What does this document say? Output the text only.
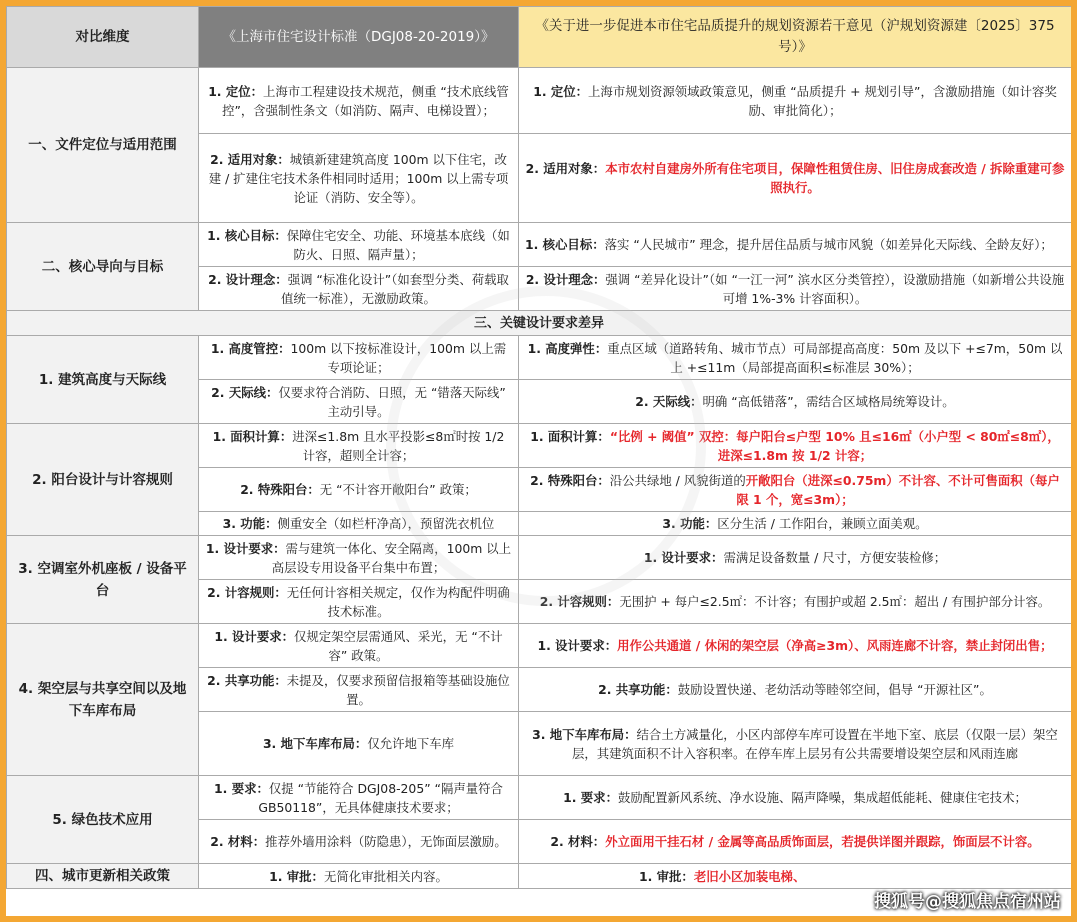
对比维度	《上海市住宅设计标准（DGJ08-20-2019）》	《关于进一步促进本市住宅品质提升的规划资源若干意见（沪规划资源建〔2025〕375号）》
一、文件定位与适用范围	1. 定位：上海市工程建设技术规范，侧重 “技术底线管控”，含强制性条文（如消防、隔声、电梯设置）；	1. 定位：上海市规划资源领域政策意见，侧重 “品质提升 + 规划引导”，含激励措施（如计容奖励、审批简化）；
	2. 适用对象：城镇新建建筑高度 100m 以下住宅，改建 / 扩建住宅技术条件相同时适用；100m 以上需专项论证（消防、安全等）。	2. 适用对象：本市农村自建房外所有住宅项目，保障性租赁住房、旧住房成套改造 / 拆除重建可参照执行。
二、核心导向与目标	1. 核心目标：保障住宅安全、功能、环境基本底线（如防火、日照、隔声量）；	1. 核心目标：落实 “人民城市” 理念，提升居住品质与城市风貌（如差异化天际线、全龄友好）；
	2. 设计理念：强调 “标准化设计”（如套型分类、荷载取值统一标准），无激励政策。	2. 设计理念：强调 “差异化设计”（如 “一江一河” 滨水区分类管控），设激励措施（如新增公共设施可增 1%-3% 计容面积）。
三、关键设计要求差异		
1. 建筑高度与天际线	1. 高度管控：100m 以下按标准设计，100m 以上需专项论证；	1. 高度弹性：重点区域（道路转角、城市节点）可局部提高高度：50m 及以下 +≤7m，50m 以上 +≤11m（局部提高面积≤标准层 30%）；
	2. 天际线：仅要求符合消防、日照，无 “错落天际线” 主动引导。	2. 天际线：明确 “高低错落”，需结合区域格局统筹设计。
2. 阳台设计与计容规则	1. 面积计算：进深≤1.8m 且水平投影≤8㎡时按 1/2 计容，超则全计容；	1. 面积计算：“比例 + 阈值” 双控：每户阳台≤户型 10% 且≤16㎡（小户型 < 80㎡≤8㎡），进深≤1.8m 按 1/2 计容；
	2. 特殊阳台：无 “不计容开敞阳台” 政策；	2. 特殊阳台：沿公共绿地 / 风貌街道的开敞阳台（进深≤0.75m）不计容、不计可售面积（每户限 1 个，宽≤3m）；
	3. 功能：侧重安全（如栏杆净高），预留洗衣机位	3. 功能：区分生活 / 工作阳台，兼顾立面美观。
3. 空调室外机座板 / 设备平台	1. 设计要求：需与建筑一体化、安全隔离，100m 以上高层设专用设备平台集中布置；	1. 设计要求：需满足设备数量 / 尺寸，方便安装检修；
	2. 计容规则：无任何计容相关规定，仅作为构配件明确技术标准。	2. 计容规则：无围护 + 每户≤2.5㎡：不计容；有围护或超 2.5㎡：超出 / 有围护部分计容。
4. 架空层与共享空间以及地下车库布局	1. 设计要求：仅规定架空层需通风、采光，无 “不计容” 政策。	1. 设计要求：用作公共通道 / 休闲的架空层（净高≥3m）、风雨连廊不计容，禁止封闭出售；
	2. 共享功能：未提及，仅要求预留信报箱等基础设施位置。	2. 共享功能：鼓励设置快递、老幼活动等睦邻空间，倡导 “开源社区”。
	3. 地下车库布局：仅允许地下车库	3. 地下车库布局：结合土方减量化，小区内部停车库可设置在半地下室、底层（仅限一层）架空层，其建筑面积不计入容积率。在停车库上层另有公共需要增设架空层和风雨连廊
5. 绿色技术应用	1. 要求：仅提 “节能符合 DGJ08-205” “隔声量符合 GB50118”，无具体健康技术要求；	1. 要求：鼓励配置新风系统、净水设施、隔声降噪，集成超低能耗、健康住宅技术；
	2. 材料：推荐外墙用涂料（防隐患），无饰面层激励。	2. 材料：外立面用干挂石材 / 金属等高品质饰面层，若提供详图并跟踪，饰面层不计容。
四、城市更新相关政策	1. 审批：无简化审批相关内容。	1. 审批：老旧小区加装电梯、
搜狐号@搜狐焦点宿州站
